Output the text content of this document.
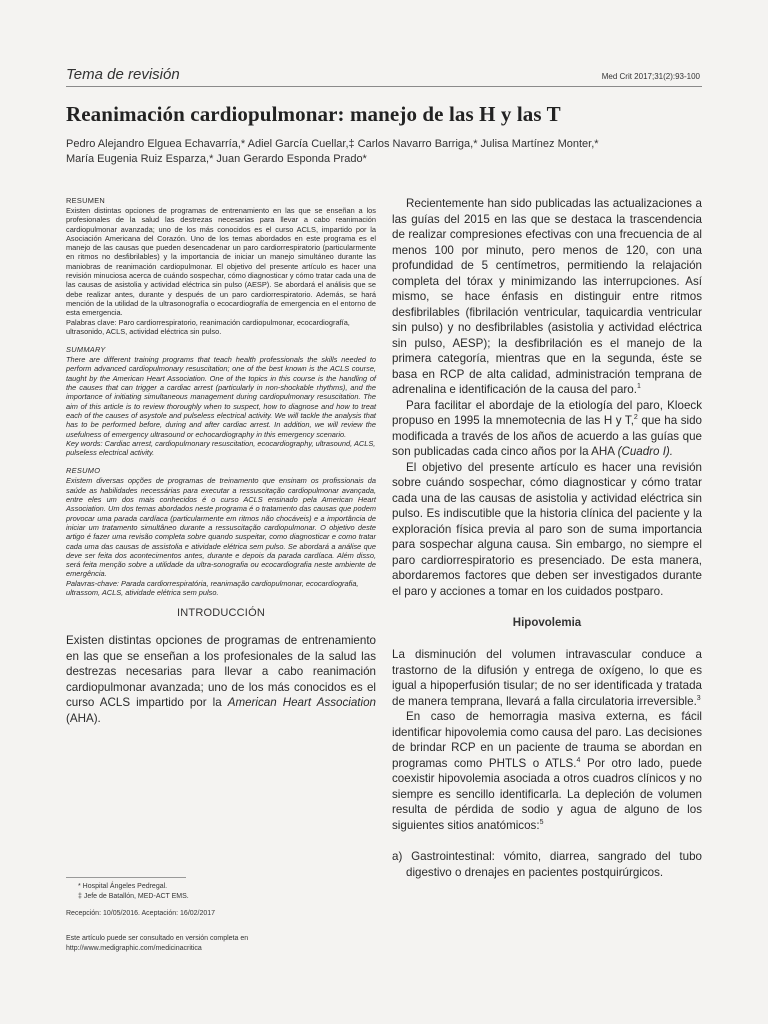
Tema de revisión	Med Crit 2017;31(2):93-100
Reanimación cardiopulmonar: manejo de las H y las T

Pedro Alejandro Elguea Echavarría,* Adiel García Cuellar,‡ Carlos Navarro Barriga,* Julisa Martínez Monter,*

María Eugenia Ruiz Esparza,* Juan Gerardo Esponda Prado*

RESUMEN

Existen distintas opciones de programas de entrenamiento en las que se enseñan a los profesionales de la salud las destrezas necesarias para llevar a cabo reanimación cardiopulmonar avanzada; uno de los más conocidos es el curso ACLS, impartido por la Asociación Americana del Corazón. Uno de los temas abordados en este programa es el manejo de las causas que pueden desencadenar un paro cardiorrespiratorio (particularmente en ritmos no desfibrilables) y la importancia de iniciar un manejo simultáneo durante las maniobras de reanimación cardiopulmonar. El objetivo del presente artículo es hacer una revisión minuciosa acerca de cuándo sospechar, cómo diagnosticar y cómo tratar cada una de las causas de asistolia y actividad eléctrica sin pulso (AESP). Se abordará el análisis que se debe realizar antes, durante y después de un paro cardiorrespiratorio. Además, se hará mención de la utilidad de la ultrasonografía o ecocardiografía de emergencia en el entorno de esta emergencia.

Palabras clave: Paro cardiorrespiratorio, reanimación cardiopulmonar, ecocardiografía, ultrasonido, ACLS, actividad eléctrica sin pulso.

SUMMARY

There are different training programs that teach health professionals the skills needed to perform advanced cardiopulmonary resuscitation; one of the best known is the ACLS course, taught by the American Heart Association. One of the topics in this course is the handling of the causes that can trigger a cardiac arrest (particularly in non-shockable rhythms), and the importance of initiating simultaneous management during cardiopulmonary resuscitation. The aim of this article is to review thoroughly when to suspect, how to diagnose and how to treat each of the causes of asystole and pulseless electrical activity. We will tackle the analysis that has to be performed before, during and after cardiac arrest. In addition, we will review the usefulness of emergency ultrasound or echocardiography in this emergency scenario.

Key words: Cardiac arrest, cardiopulmonary resuscitation, ecocardiography, ultrasound, ACLS, pulseless electrical activity.

RESUMO

Existem diversas opções de programas de treinamento que ensinam os profissionais da saúde as habilidades necessárias para executar a ressuscitação cardiopulmonar avançada, entre eles um dos mais conhecidos é o curso ACLS ensinado pela American Heart Association. Um dos temas abordados neste programa é o tratamento das causas que podem provocar uma parada cardíaca (particularmente em ritmos não chocáveis) e a importância de iniciar um tratamento simultâneo durante a ressuscitação cardiopulmonar. O objetivo deste artigo é fazer uma revisão completa sobre quando suspeitar, como diagnosticar e como tratar cada uma das causas de assistolia e atividade elétrica sem pulso. Se abordará a análise que deve ser feita dos acontecimentos antes, durante e depois da parada cardíaca. Além disso, será feita menção sobre a utilidade da ultra-sonografia ou ecocardiografia neste ambiente de emergência.

Palavras-chave: Parada cardiorrespiratória, reanimação cardiopulmonar, ecocardiografia, ultrassom, ACLS, atividade elétrica sem pulso.

INTRODUCCIÓN

Existen distintas opciones de programas de entrenamiento en las que se enseñan a los profesionales de la salud las destrezas necesarias para llevar a cabo reanimación cardiopulmonar avanzada; uno de los más conocidos es el curso ACLS impartido por la American Heart Association (AHA).

* Hospital Ángeles Pedregal.
‡ Jefe de Batallón, MED-ACT EMS.
Recepción: 10/05/2016. Aceptación: 16/02/2017
Este artículo puede ser consultado en versión completa en http://www.medigraphic.com/medicinacritica

Recientemente han sido publicadas las actualizaciones a las guías del 2015 en las que se destaca la trascendencia de realizar compresiones efectivas con una frecuencia de al menos 100 por minuto, pero menos de 120, con una profundidad de 5 centímetros, permitiendo la relajación completa del tórax y minimizando las interrupciones. Así mismo, se hace énfasis en distinguir entre ritmos desfibrilables (fibrilación ventricular, taquicardia ventricular sin pulso) y no desfibrilables (asistolia y actividad eléctrica sin pulso, AESP); la desfibrilación es el manejo de la primera categoría, mientras que en la segunda, éste se basa en RCP de alta calidad, administración temprana de adrenalina e identificación de la causa del paro.$^1$

Para facilitar el abordaje de la etiología del paro, Kloeck propuso en 1995 la mnemotecnia de las H y T,$^2$ que ha sido modificada a través de los años de acuerdo a las guías que son publicadas cada cinco años por la AHA (Cuadro I).

El objetivo del presente artículo es hacer una revisión sobre cuándo sospechar, cómo diagnosticar y cómo tratar cada una de las causas de asistolia y actividad eléctrica sin pulso. Es indiscutible que la historia clínica del paciente y la exploración física previa al paro son de suma importancia para sospechar alguna causa. Sin embargo, no siempre el paro cardiorrespiratorio es presenciado. De esta manera, abordaremos factores que deben ser investigados durante el paro y acciones a tomar en los cuidados postparo.

Hipovolemia

La disminución del volumen intravascular conduce a trastorno de la difusión y entrega de oxígeno, lo que es igual a hipoperfusión tisular; de no ser identificada y tratada de manera temprana, llevará a falla circulatoria irreversible.$^3$

En caso de hemorragia masiva externa, es fácil identificar hipovolemia como causa del paro. Las decisiones de brindar RCP en un paciente de trauma se abordan en programas como PHTLS o ATLS.$^4$ Por otro lado, puede coexistir hipovolemia asociada a otros cuadros clínicos y no siempre es sencillo identificarla. La depleción de volumen resulta de pérdida de sodio y agua de alguno de los siguientes sitios anatómicos:$^5$

a) Gastrointestinal: vómito, diarrea, sangrado del tubo digestivo o drenajes en pacientes postquirúrgicos.
